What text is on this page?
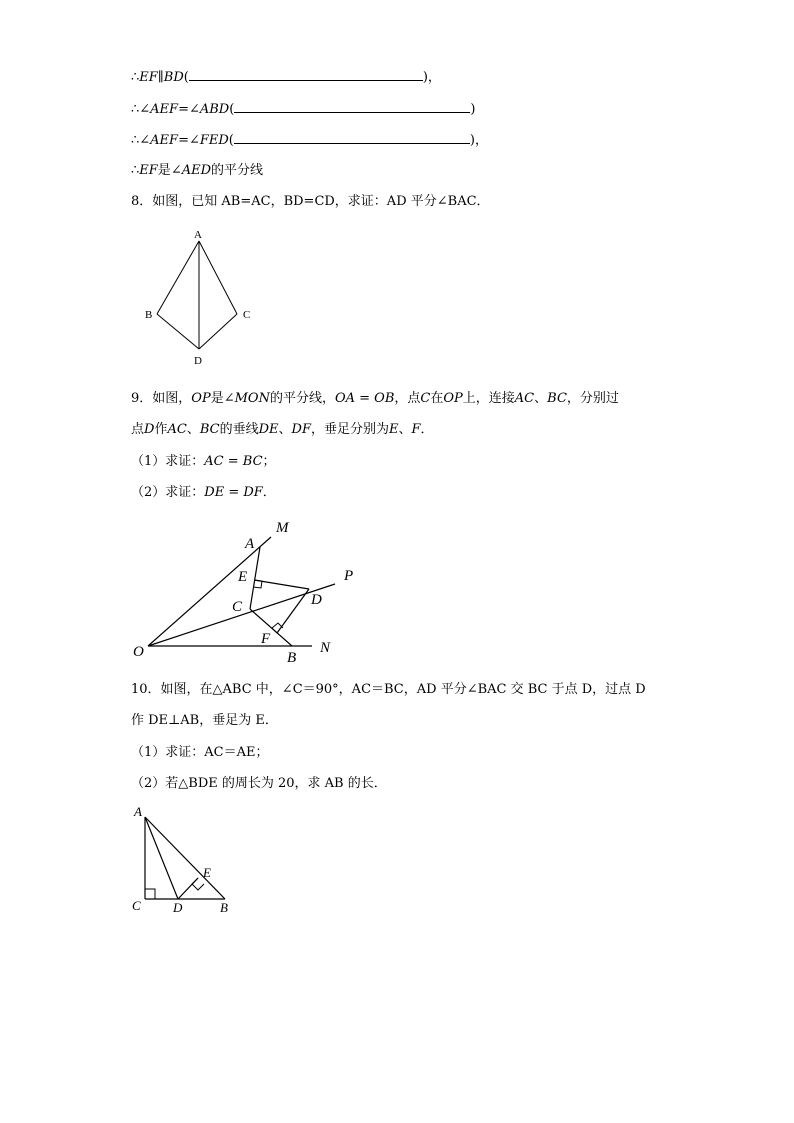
∴EF∥BD(	)，
∴∠AEF=∠ABD(	)
∴∠AEF=∠FED(	)，
∴EF是∠AED的平分线
8．如图，已知 AB=AC，BD=CD，求证：AD 平分∠BAC．
A
B	C
D
9．如图，OP是∠MON的平分线，OA = OB，点C在OP上，连接AC、BC，分别过
点D作AC、BC的垂线DE、DF，垂足分别为E、F．
（1）求证：AC = BC；
（2）求证：DE = DF．
M
A
E	P
C	D
F
O	B
N
10．如图，在△ABC 中，∠C＝90°，AC＝BC，AD 平分∠BAC 交 BC 于点 D，过点 D
作 DE⊥AB，垂足为 E．
（1）求证：AC＝AE；
（2）若△BDE 的周长为 20，求 AB 的长．
A
E
C D	B
